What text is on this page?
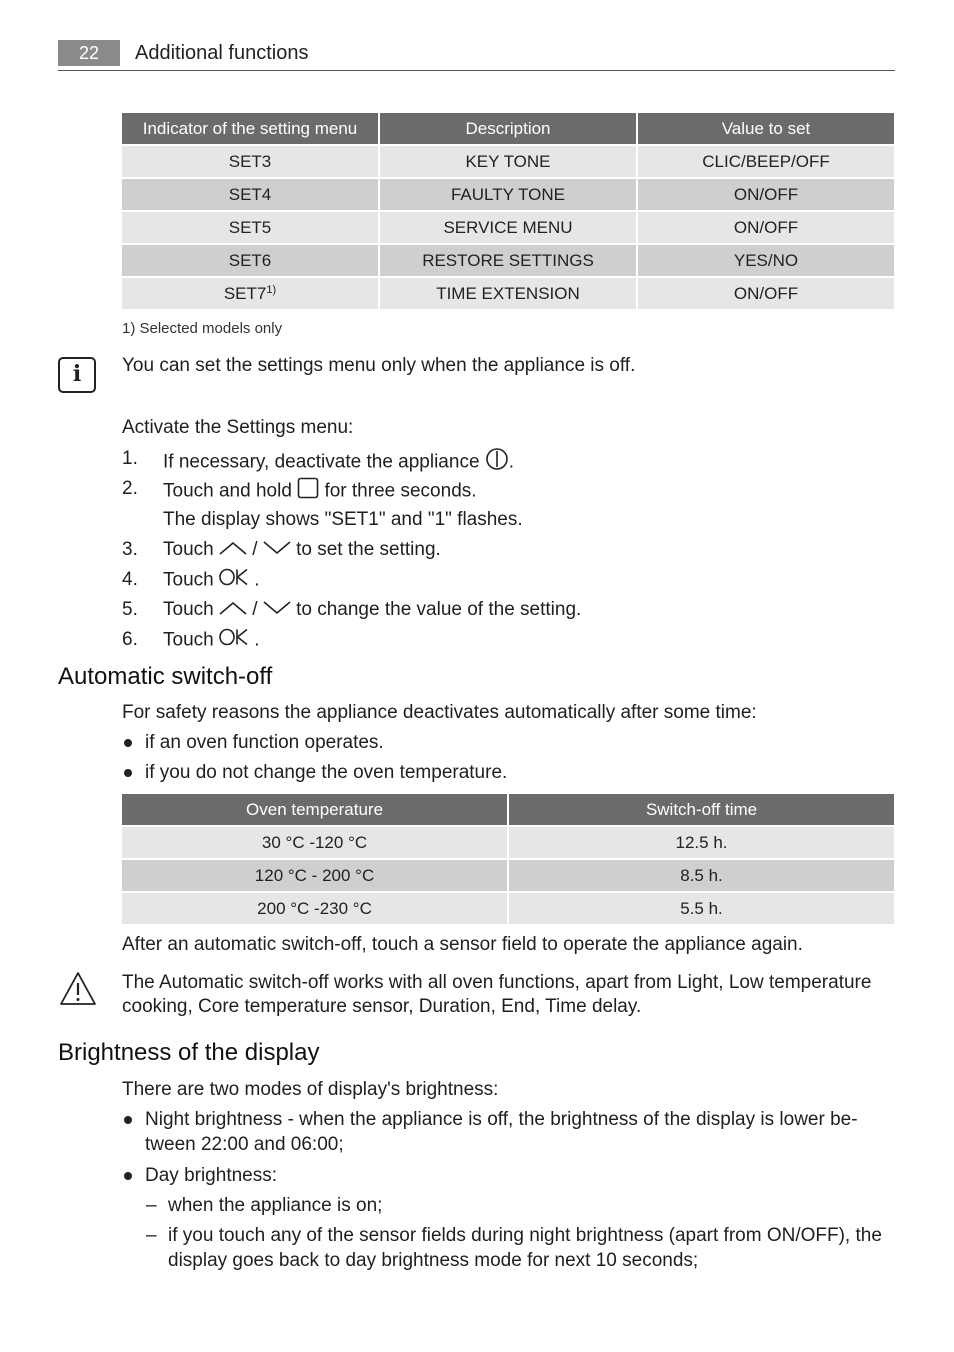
22	Additional functions
Indicator of the setting menu	Description	Value to set
SET3	KEY TONE	CLIC/BEEP/OFF
SET4	FAULTY TONE	ON/OFF
SET5	SERVICE MENU	ON/OFF
SET6	RESTORE SETTINGS	YES/NO
SET7$^{1)}$	TIME EXTENSION	ON/OFF
1) Selected models only
i	You can set the settings menu only when the appliance is off.
Activate the Settings menu:
1.	If necessary, deactivate the appliance .
2.	Touch and hold for three seconds.
The display shows "SET1" and "1" flashes.
3.	Touch / to set the setting.
4.	Touch .
5.	Touch / to change the value of the setting.
6.	Touch .
Automatic switch-off
For safety reasons the appliance deactivates automatically after some time:
if an oven function operates.
if you do not change the oven temperature.
Oven temperature	Switch-off time
30 °C -120 °C	12.5 h.
120 °C - 200 °C	8.5 h.
200 °C -230 °C	5.5 h.
After an automatic switch-off, touch a sensor field to operate the appliance again.
The Automatic switch-off works with all oven functions, apart from Light, Low temperature
cooking, Core temperature sensor, Duration, End, Time delay.
Brightness of the display
There are two modes of display's brightness:
Night brightness - when the appliance is off, the brightness of the display is lower be-
tween 22:00 and 06:00;
Day brightness:
– when the appliance is on;
– if you touch any of the sensor fields during night brightness (apart from ON/OFF), the
display goes back to day brightness mode for next 10 seconds;
